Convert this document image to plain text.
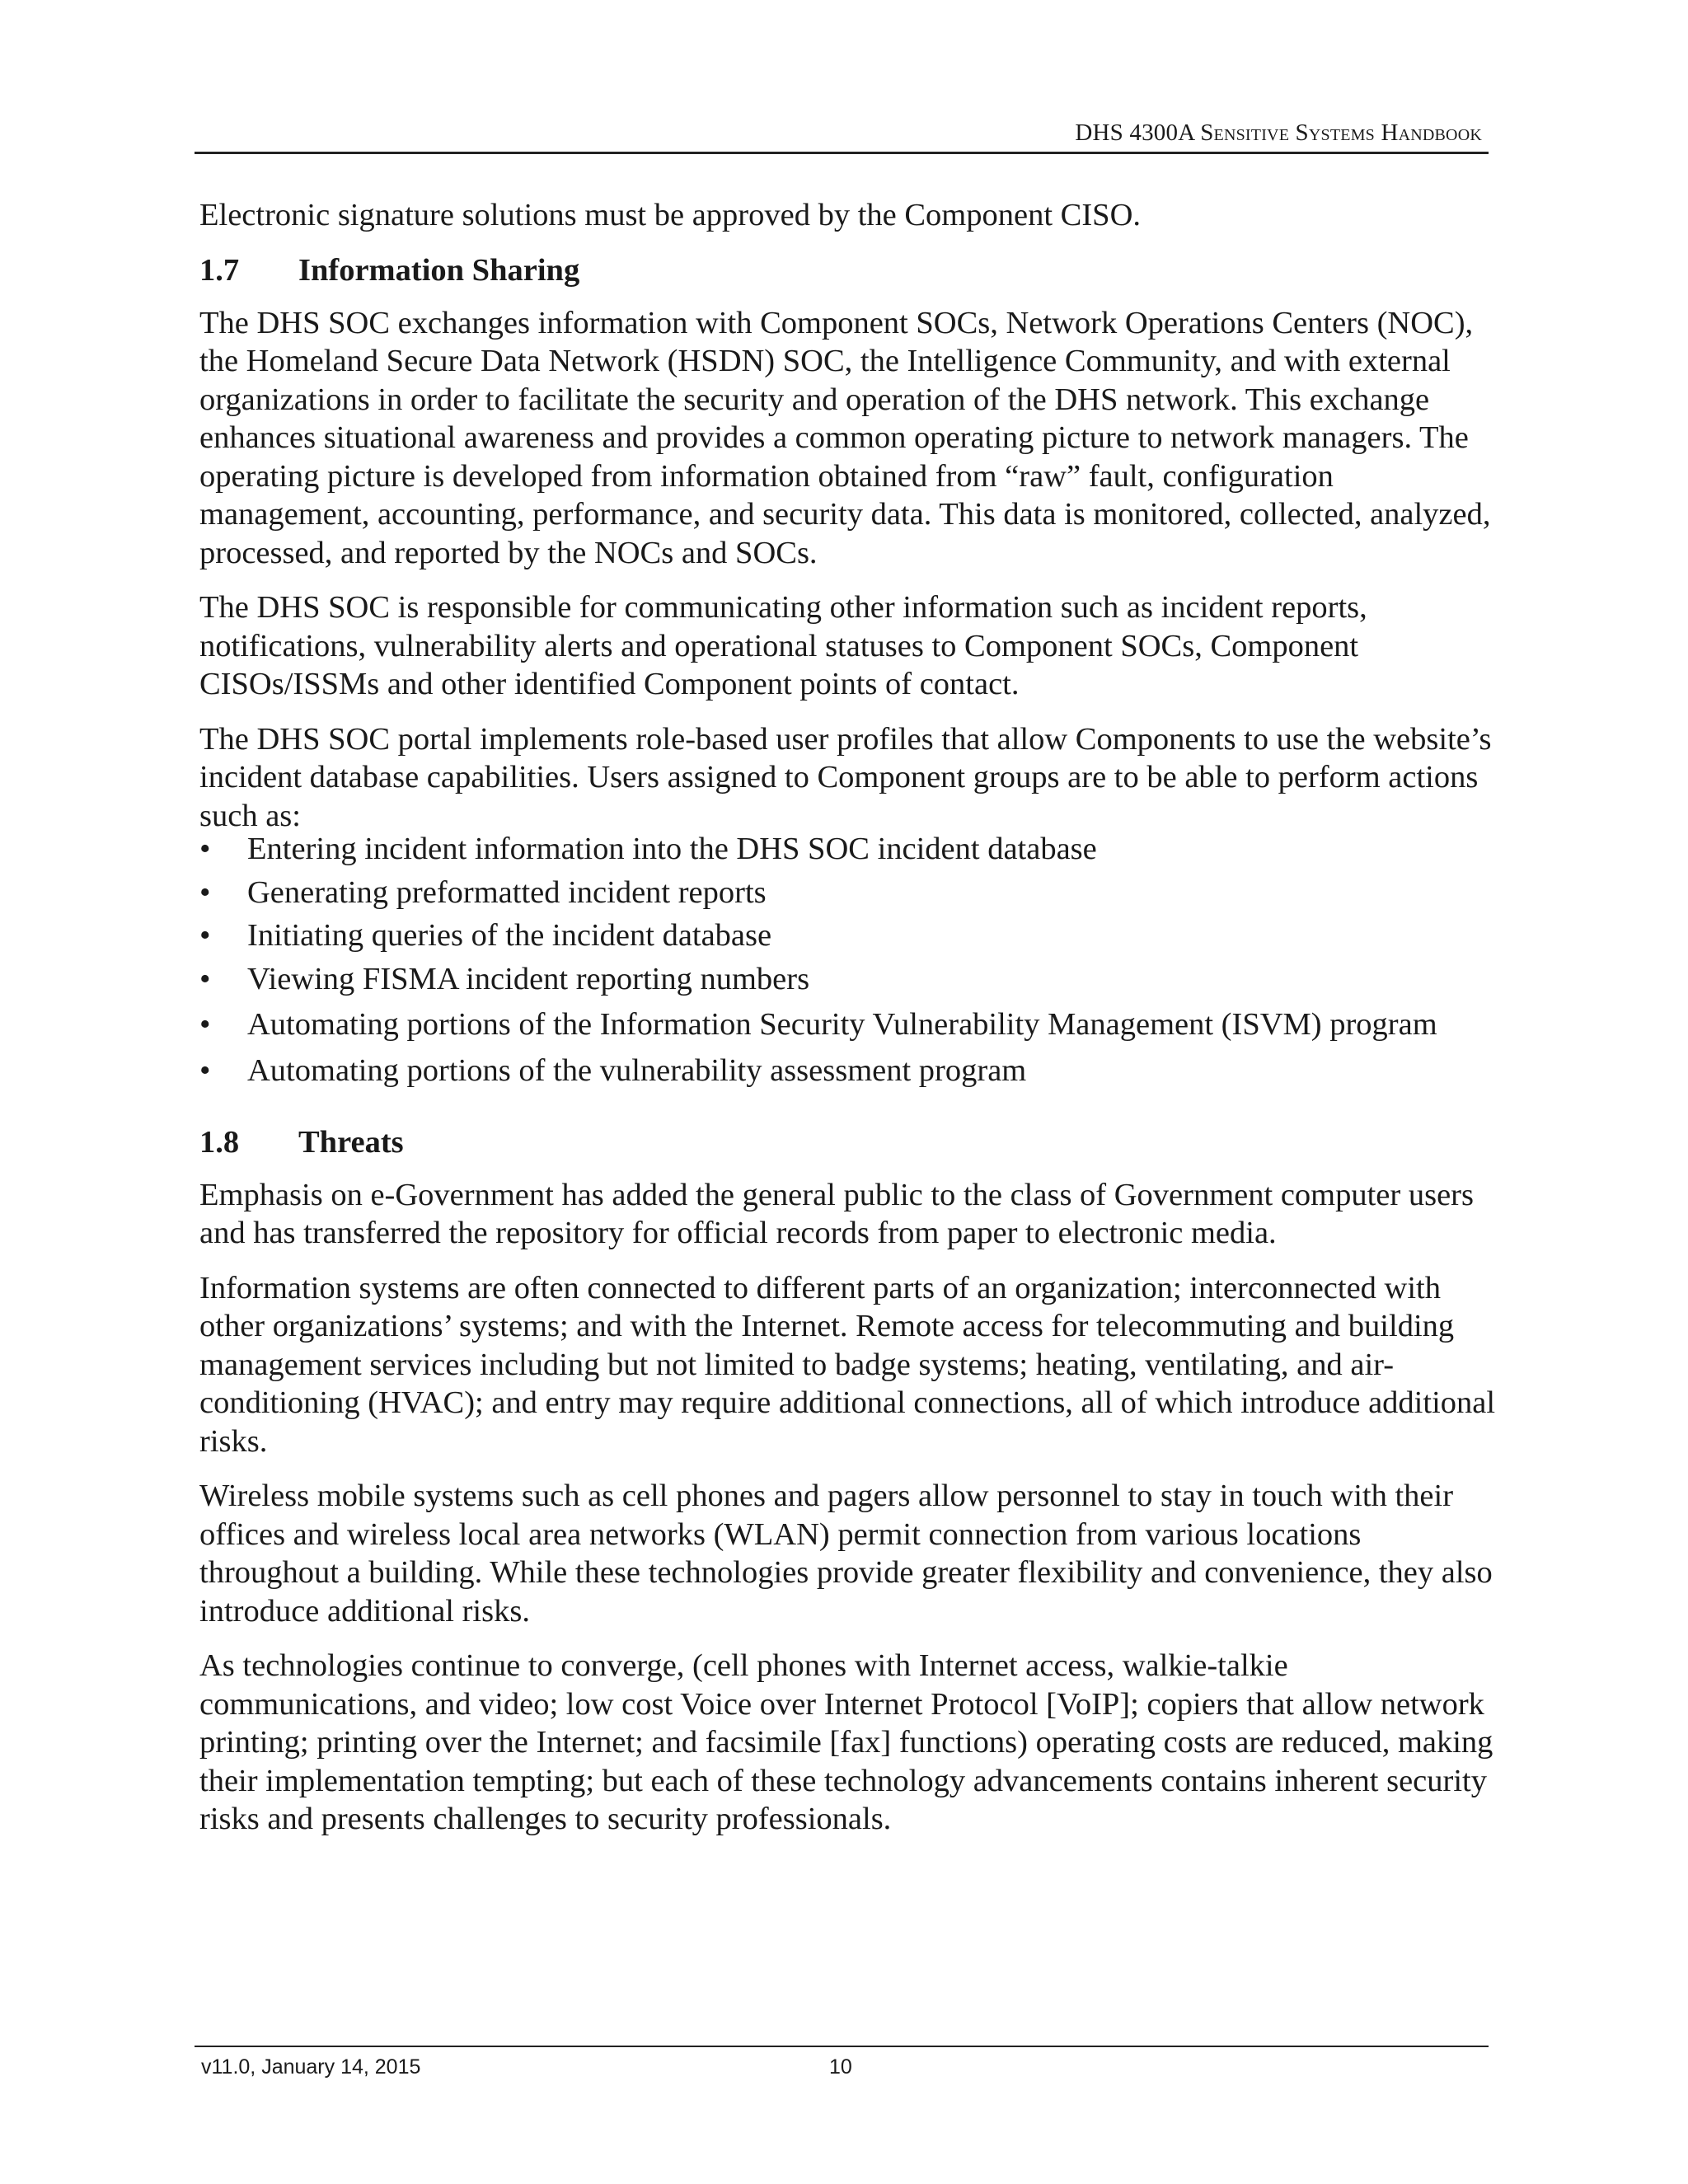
DHS 4300A Sensitive Systems Handbook

Electronic signature solutions must be approved by the Component CISO.

1.7	Information Sharing

The DHS SOC exchanges information with Component SOCs, Network Operations Centers (NOC), the Homeland Secure Data Network (HSDN) SOC, the Intelligence Community, and with external organizations in order to facilitate the security and operation of the DHS network. This exchange enhances situational awareness and provides a common operating picture to network managers. The operating picture is developed from information obtained from “raw” fault, configuration management, accounting, performance, and security data. This data is monitored, collected, analyzed, processed, and reported by the NOCs and SOCs.

The DHS SOC is responsible for communicating other information such as incident reports, notifications, vulnerability alerts and operational statuses to Component SOCs, Component CISOs/ISSMs and other identified Component points of contact.

The DHS SOC portal implements role-based user profiles that allow Components to use the website’s incident database capabilities. Users assigned to Component groups are to be able to perform actions such as:

•	Entering incident information into the DHS SOC incident database
•	Generating preformatted incident reports
•	Initiating queries of the incident database
•	Viewing FISMA incident reporting numbers
•	Automating portions of the Information Security Vulnerability Management (ISVM) program
•	Automating portions of the vulnerability assessment program
1.8	Threats

Emphasis on e-Government has added the general public to the class of Government computer users and has transferred the repository for official records from paper to electronic media.

Information systems are often connected to different parts of an organization; interconnected with other organizations’ systems; and with the Internet. Remote access for telecommuting and building management services including but not limited to badge systems; heating, ventilating, and air-conditioning (HVAC); and entry may require additional connections, all of which introduce additional risks.

Wireless mobile systems such as cell phones and pagers allow personnel to stay in touch with their offices and wireless local area networks (WLAN) permit connection from various locations throughout a building. While these technologies provide greater flexibility and convenience, they also introduce additional risks.

As technologies continue to converge, (cell phones with Internet access, walkie-talkie communications, and video; low cost Voice over Internet Protocol [VoIP]; copiers that allow network printing; printing over the Internet; and facsimile [fax] functions) operating costs are reduced, making their implementation tempting; but each of these technology advancements contains inherent security risks and presents challenges to security professionals.

v11.0, January 14, 2015	10
